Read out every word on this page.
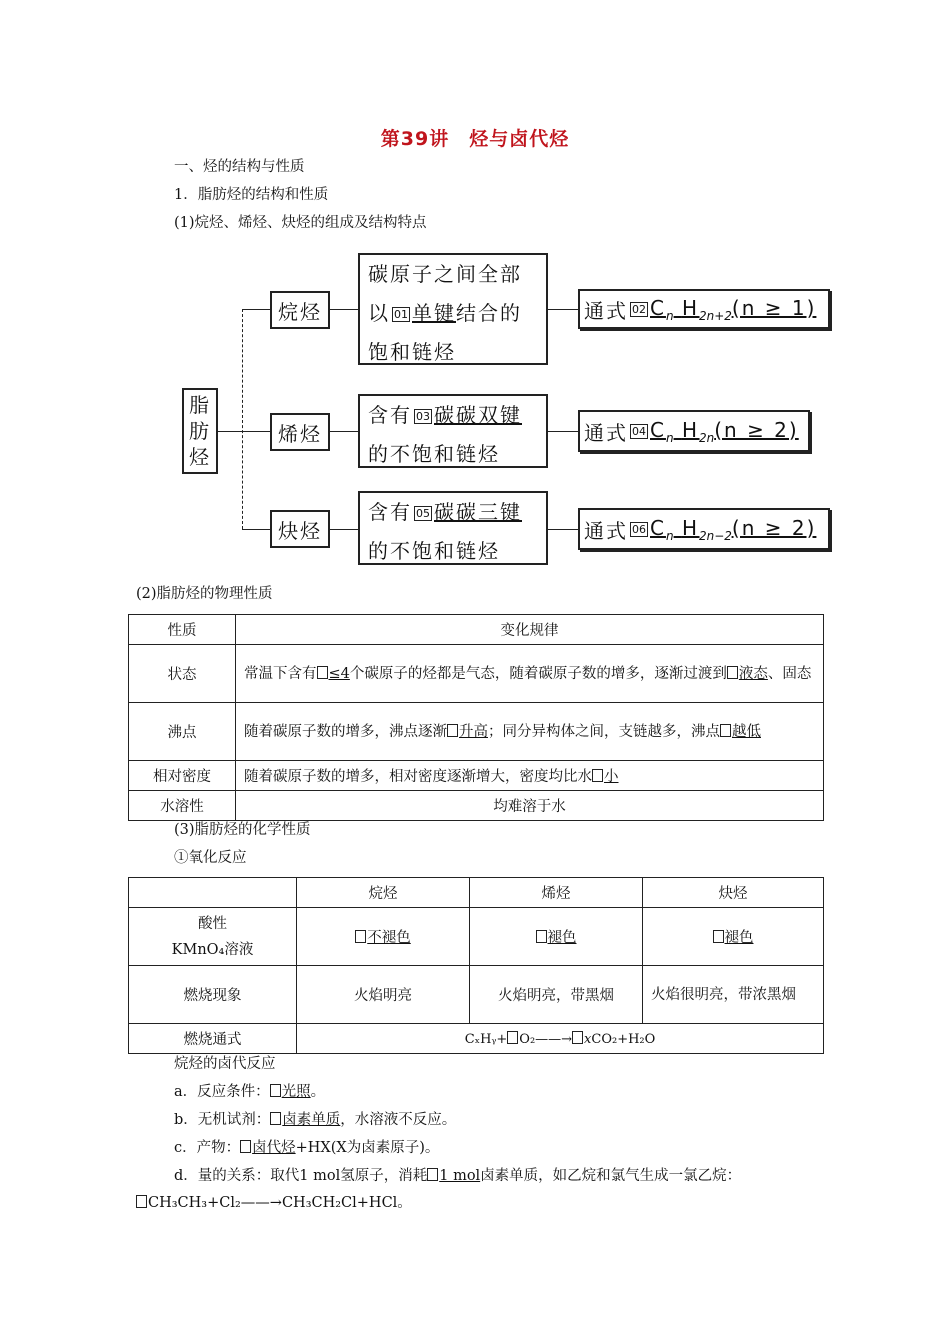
第39讲　烃与卤代烃
一、烃的结构与性质
1．脂肪烃的结构和性质
(1)烷烃、烯烃、炔烃的组成及结构特点
脂
肪
烃
烷烃
碳原子之间全部
以 01 单键结合的
饱和链烃
通式 02 $C_n$ $H_{2n+2}(n \ge 1)$
烯烃
含有 03 碳碳双键
的不饱和链烃
通式 04 $C_n$ $H_{2n}(n \ge 2)$
炔烃
含有 05 碳碳三键
的不饱和链烃
通式 06 $C_n$ $H_{2n-2}(n \ge 2)$
(2)脂肪烃的物理性质
性质	变化规律
状态	常温下含有 ≤4个碳原子的烃都是气态，随着碳原子数的增多，逐渐过渡到 液态、固态
沸点	随着碳原子数的增多，沸点逐渐 升高；同分异构体之间，支链越多，沸点 越低
相对密度	随着碳原子数的增多，相对密度逐渐增大，密度均比水 小
水溶性	均难溶于水
(3)脂肪烃的化学性质
①氧化反应
	烷烃	烯烃	炔烃

酸性
KMnO₄溶液	不褪色	褪色	褪色
燃烧现象	火焰明亮	火焰明亮，带黑烟	火焰很明亮，带浓黑烟
燃烧通式	CₓHᵧ+ O₂——→ xCO₂+H₂O		
烷烃的卤代反应
a．反应条件： 光照。
b．无机试剂： 卤素单质，水溶液不反应。
c．产物： 卤代烃+HX(X为卤素原子)。
d．量的关系：取代1 mol氢原子，消耗 1 mol卤素单质，如乙烷和氯气生成一氯乙烷：
CH₃CH₃+Cl₂——→CH₃CH₂Cl+HCl。
